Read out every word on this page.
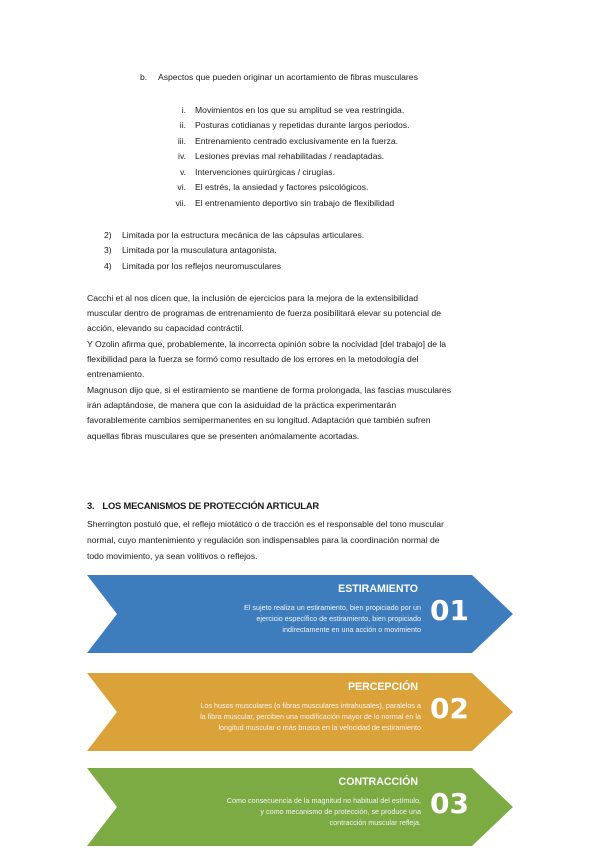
b. Aspectos que pueden originar un acortamiento de fibras musculares
i. Movimientos en los que su amplitud se vea restringida.
ii. Posturas cotidianas y repetidas durante largos periodos.
iii. Entrenamiento centrado exclusivamente en la fuerza.
iv. Lesiones previas mal rehabilitadas / readaptadas.
v. Intervenciones quirúrgicas / cirugías.
vi. El estrés, la ansiedad y factores psicológicos.
vii. El entrenamiento deportivo sin trabajo de flexibilidad
2) Limitada por la estructura mecánica de las cápsulas articulares.
3) Limitada por la musculatura antagonista.
4) Limitada por los reflejos neuromusculares
Cacchi et al nos dicen que, la inclusión de ejercicios para la mejora de la extensibilidad
muscular dentro de programas de entrenamiento de fuerza posibilitará elevar su potencial de
acción, elevando su capacidad contráctil.
Y Ozolin afirma que, probablemente, la incorrecta opinión sobre la nocividad [del trabajo] de la
flexibilidad para la fuerza se formó como resultado de los errores en la metodología del
entrenamiento.
Magnuson dijo que, si el estiramiento se mantiene de forma prolongada, las fascias musculares
irán adaptándose, de manera que con la asiduidad de la práctica experimentarán
favorablemente cambios semipermanentes en su longitud. Adaptación que también sufren
aquellas fibras musculares que se presenten anómalamente acortadas.
3. LOS MECANISMOS DE PROTECCIÓN ARTICULAR
Sherrington postuló que, el reflejo miotático o de tracción es el responsable del tono muscular
normal, cuyo mantenimiento y regulación son indispensables para la coordinación normal de
todo movimiento, ya sean volitivos o reflejos.
ESTIRAMIENTO
El sujeto realiza un estiramiento, bien propiciado por un
ejercicio específico de estiramiento, bien propiciado
indirectamente en una acción o movimiento
01
PERCEPCIÓN
Los husos musculares (o fibras musculares intrahusales), paralelos a
la fibra muscular, perciben una modificación mayor de lo normal en la
longitud muscular o más brusca en la velocidad de estiramiento
02
CONTRACCIÓN
Como consecuencia de la magnitud no habitual del estímulo,
y como mecanismo de protección, se produce una
contracción muscular refleja.
03
